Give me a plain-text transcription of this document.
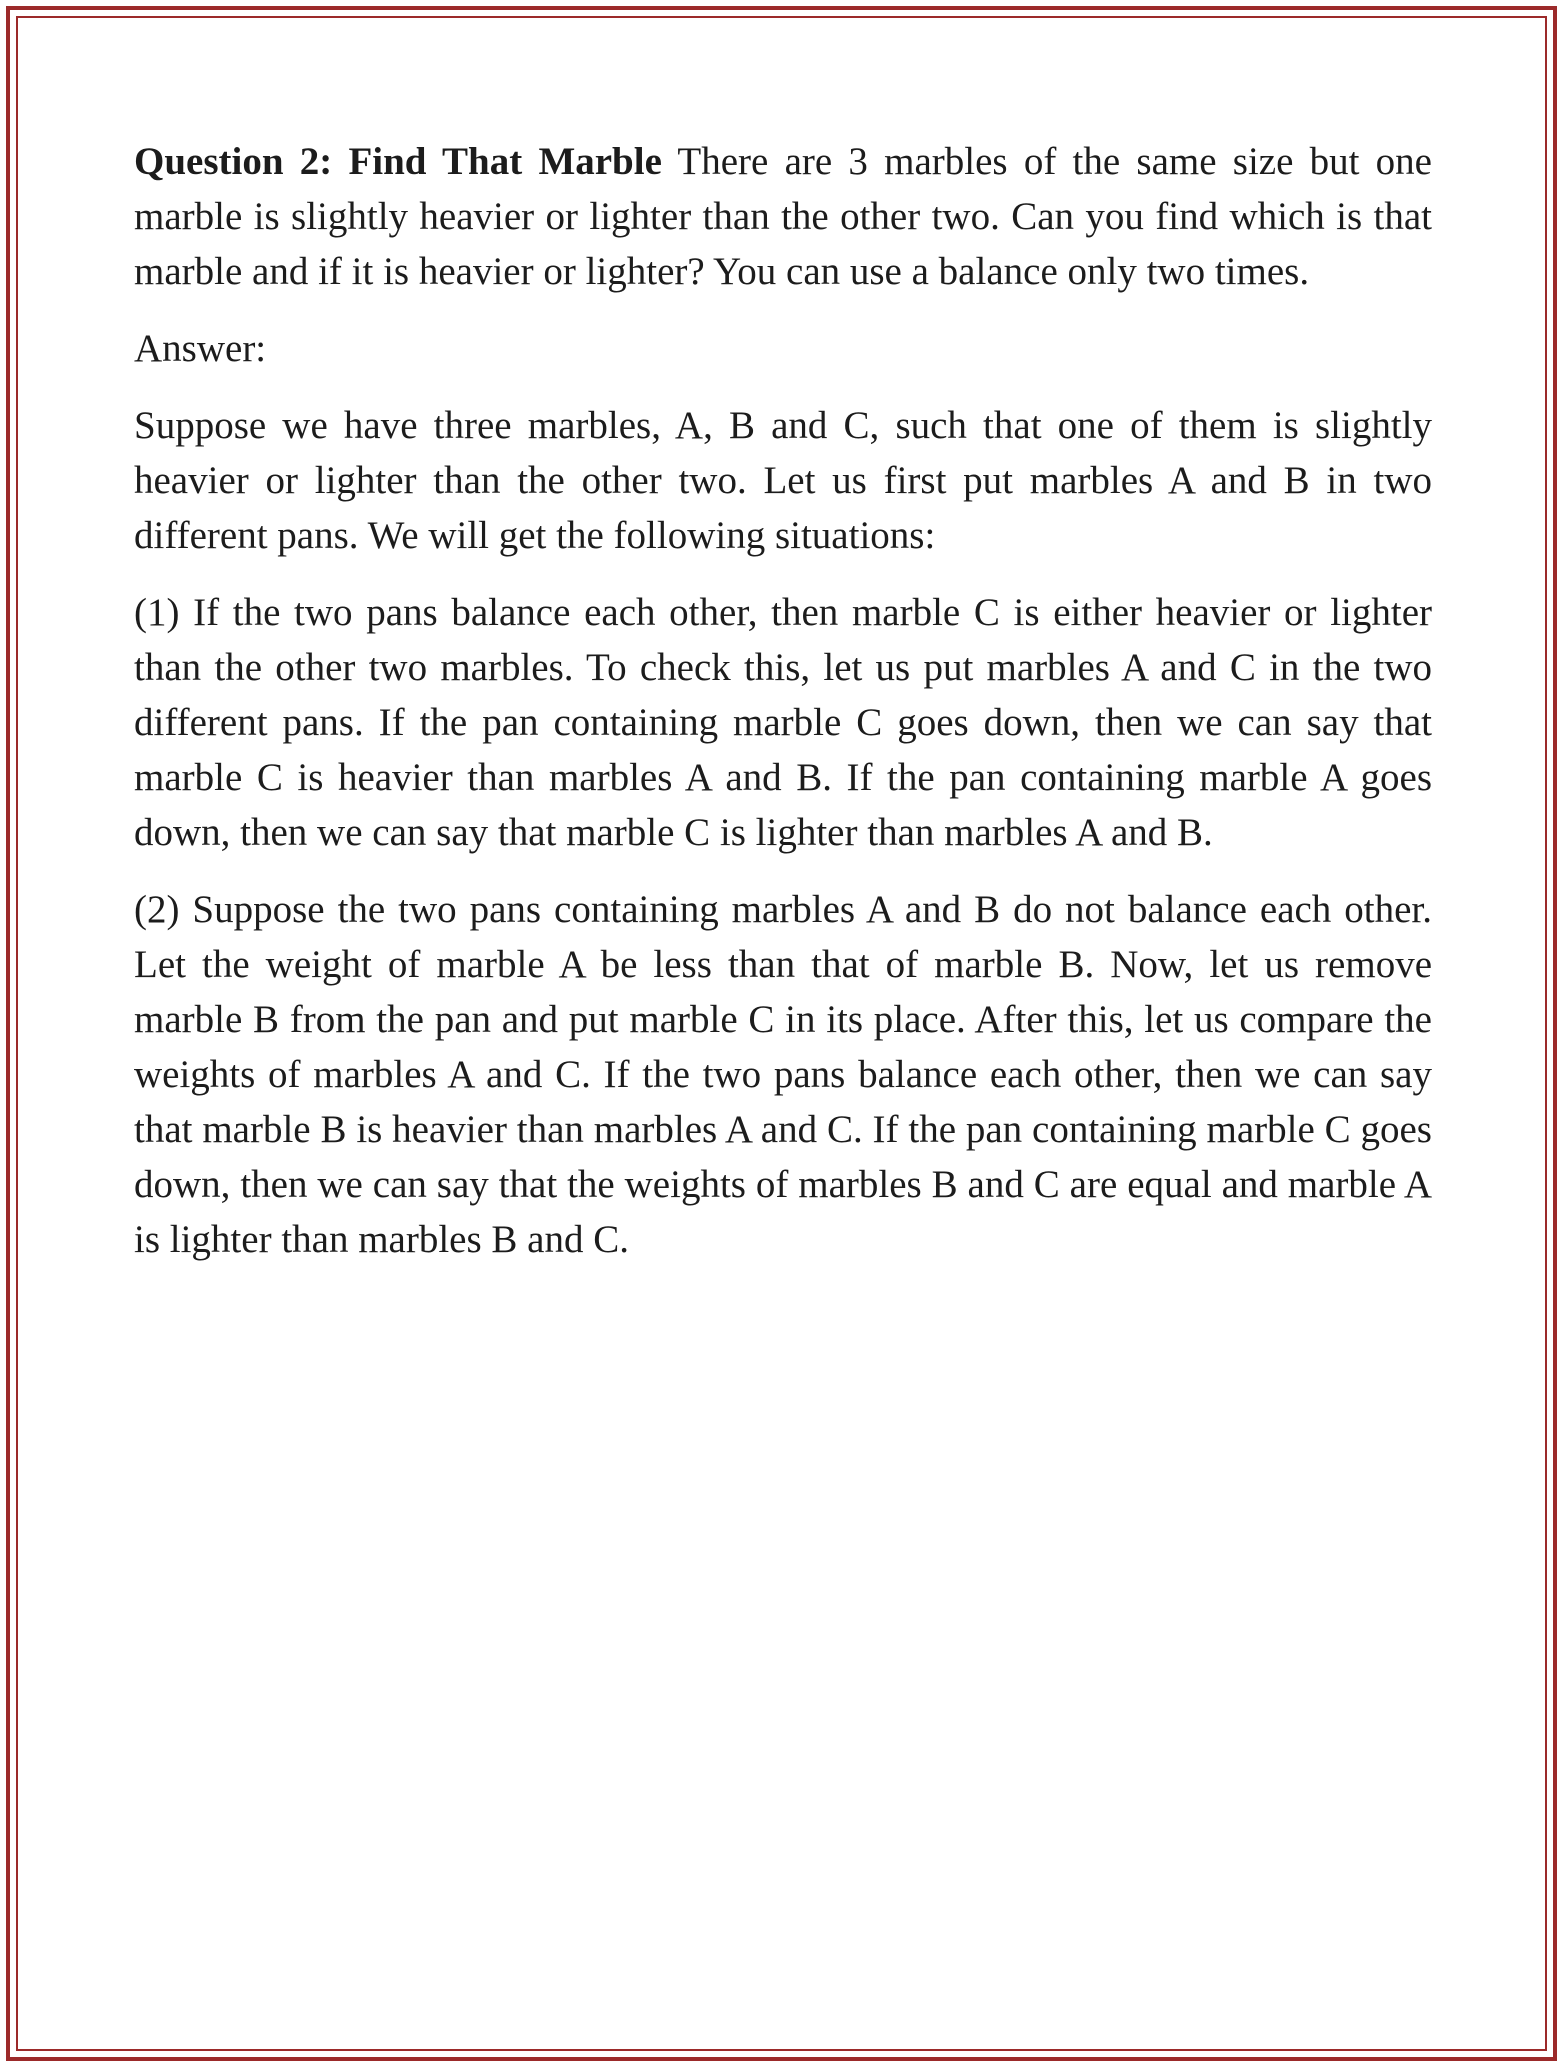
Question 2: Find That Marble There are 3 marbles of the same size but one marble is slightly heavier or lighter than the other two. Can you find which is that marble and if it is heavier or lighter? You can use a balance only two times.

Answer:

Suppose we have three marbles, A, B and C, such that one of them is slightly heavier or lighter than the other two. Let us first put marbles A and B in two different pans. We will get the following situations:

(1) If the two pans balance each other, then marble C is either heavier or lighter than the other two marbles. To check this, let us put marbles A and C in the two different pans. If the pan containing marble C goes down, then we can say that marble C is heavier than marbles A and B. If the pan containing marble A goes down, then we can say that marble C is lighter than marbles A and B.

(2) Suppose the two pans containing marbles A and B do not balance each other. Let the weight of marble A be less than that of marble B. Now, let us remove marble B from the pan and put marble C in its place. After this, let us compare the weights of marbles A and C. If the two pans balance each other, then we can say that marble B is heavier than marbles A and C. If the pan containing marble C goes down, then we can say that the weights of marbles B and C are equal and marble A is lighter than marbles B and C.
